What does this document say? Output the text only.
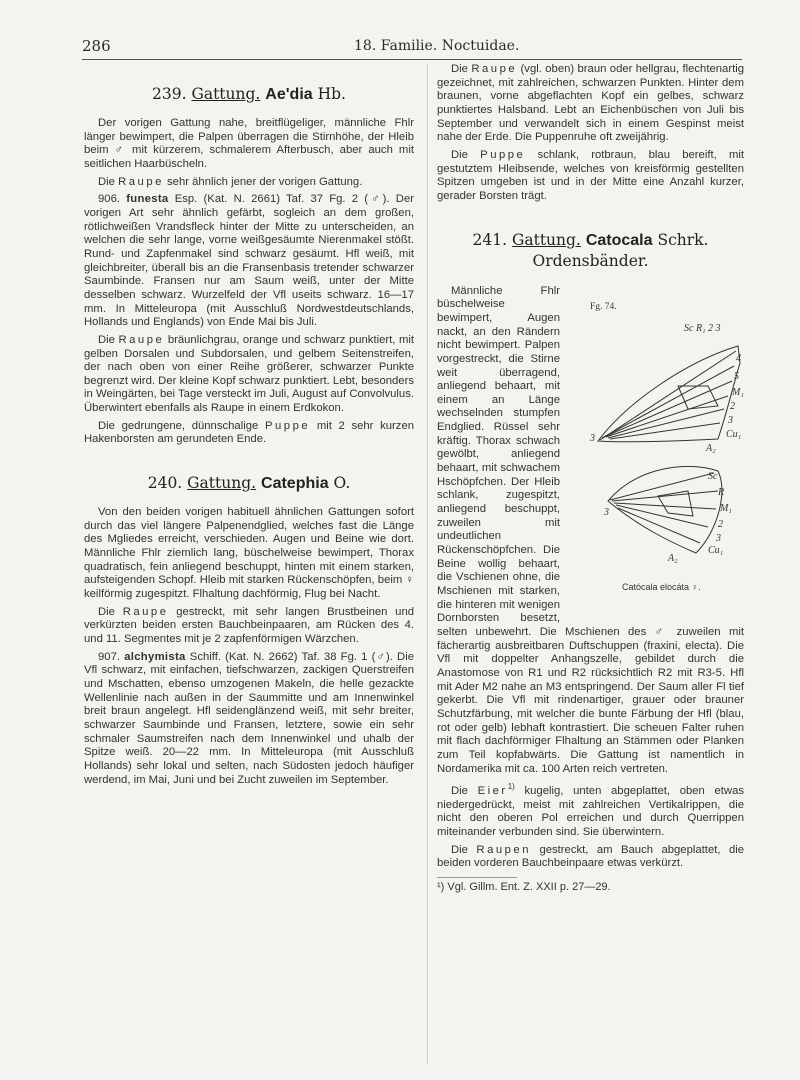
286	18. Familie. Noctuidae.
239. Gattung. Ae'dia Hb.

Der vorigen Gattung nahe, breitflügeliger, männliche Fhlr länger bewimpert, die Palpen überragen die Stirnhöhe, der Hleib beim ♂ mit kürzerem, schmalerem Afterbusch, aber auch mit seitlichen Haarbüscheln.

Die Raupe sehr ähnlich jener der vorigen Gattung.

906. funesta Esp. (Kat. N. 2661) Taf. 37 Fg. 2 (♂). Der vorigen Art sehr ähnlich gefärbt, sogleich an dem großen, rötlichweißen Vrandsfleck hinter der Mitte zu unterscheiden, an welchen die sehr lange, vorne weißgesäumte Nierenmakel stößt. Rund- und Zapfenmakel sind schwarz gesäumt. Hfl weiß, mit gleichbreiter, überall bis an die Fransenbasis tretender schwarzer Saumbinde. Fransen nur am Saum weiß, unter der Mitte desselben schwarz. Wurzelfeld der Vfl useits schwarz. 16—17 mm. In Mitteleuropa (mit Ausschluß Nordwestdeutschlands, Hollands und Englands) von Ende Mai bis Juli.

Die Raupe bräunlichgrau, orange und schwarz punktiert, mit gelben Dorsalen und Subdorsalen, und gelbem Seitenstreifen, der nach oben von einer Reihe größerer, schwarzer Punkte begrenzt wird. Der kleine Kopf schwarz punktiert. Lebt, besonders in Weingärten, bei Tage versteckt im Juli, August auf Convolvulus. Überwintert ebenfalls als Raupe in einem Erdkokon.

Die gedrungene, dünnschalige Puppe mit 2 sehr kurzen Hakenborsten am gerundeten Ende.

240. Gattung. Catephia O.

Von den beiden vorigen habituell ähnlichen Gattungen sofort durch das viel längere Palpenendglied, welches fast die Länge des Mgliedes erreicht, verschieden. Augen und Beine wie dort. Männliche Fhlr ziemlich lang, büschelweise bewimpert, Thorax quadratisch, fein anliegend beschuppt, hinten mit einem starken, aufsteigenden Schopf. Hleib mit starken Rückenschöpfen, beim ♀ keilförmig zugespitzt. Flhaltung dachförmig, Flug bei Nacht.

Die Raupe gestreckt, mit sehr langen Brustbeinen und verkürzten beiden ersten Bauchbeinpaaren, am Rücken des 4. und 11. Segmentes mit je 2 zapfenförmigen Wärzchen.

907. alchymista Schiff. (Kat. N. 2662) Taf. 38 Fg. 1 (♂). Die Vfl schwarz, mit einfachen, tiefschwarzen, zackigen Querstreifen und Mschatten, ebenso umzogenen Makeln, die helle gezackte Wellenlinie nach außen in der Saummitte und am Innenwinkel breit braun angelegt. Hfl seidenglänzend weiß, mit sehr breiter, schwarzer Saumbinde und Fransen, letztere, sowie ein sehr schmaler Saumstreifen nach dem Innenwinkel und uhalb der Spitze weiß. 20—22 mm. In Mitteleuropa (mit Ausschluß Hollands) sehr lokal und selten, nach Südosten jedoch häufiger werdend, im Mai, Juni und bei Zucht zuweilen im September.

Die Raupe (vgl. oben) braun oder hellgrau, flechtenartig gezeichnet, mit zahlreichen, schwarzen Punkten. Hinter dem braunen, vorne abgeflachten Kopf ein gelbes, schwarz punktiertes Halsband. Lebt an Eichenbüschen von Juli bis September und verwandelt sich in einem Gespinst meist nahe der Erde. Die Puppenruhe oft zweijährig.

Die Puppe schlank, rotbraun, blau bereift, mit gestutztem Hleibsende, welches von kreisförmig gestellten Spitzen umgeben ist und in der Mitte eine Anzahl kurzer, gerader Borsten trägt.

241. Gattung. Catocala Schrk.
Ordensbänder.

Fg. 74.
Sc R₁ 2 3
4
5
M₁
2
3
Cu₁
3
A₂
Sc
R
M₁
2
3
Cu₁
3
A₂
Catócala elocáta ♀.
Männliche Fhlr büschelweise bewimpert, Augen nackt, an den Rändern nicht bewimpert. Palpen vorgestreckt, die Stirne weit überragend, anliegend behaart, mit einem an Länge wechselnden stumpfen Endglied. Rüssel sehr kräftig. Thorax schwach gewölbt, anliegend behaart, mit schwachem Hschöpfchen. Der Hleib schlank, zugespitzt, anliegend beschuppt, zuweilen mit undeutlichen Rückenschöpfchen. Die Beine wollig behaart, die Vschienen ohne, die Mschienen mit starken, die hinteren mit wenigen Dornborsten besetzt, selten unbewehrt. Die Mschienen des ♂ zuweilen mit fächerartig ausbreitbaren Duftschuppen (fraxini, electa). Die Vfl mit doppelter Anhangszelle, gebildet durch die Anastomose von R1 und R2 rücksichtlich R2 mit R3-5. Hfl mit Ader M2 nahe an M3 entspringend. Der Saum aller Fl tief gekerbt. Die Vfl mit rindenartiger, grauer oder brauner Schutzfärbung, mit welcher die bunte Färbung der Hfl (blau, rot oder gelb) lebhaft kontrastiert. Die scheuen Falter ruhen mit flach dachförmiger Flhaltung an Stämmen oder Planken zum Teil kopfabwärts. Die Gattung ist namentlich in Nordamerika mit ca. 100 Arten reich vertreten.

Die Eier$^{1)}$ kugelig, unten abgeplattet, oben etwas niedergedrückt, meist mit zahlreichen Vertikalrippen, die nicht den oberen Pol erreichen und durch Querrippen miteinander verbunden sind. Sie überwintern.

Die Raupen gestreckt, am Bauch abgeplattet, die beiden vorderen Bauchbeinpaare etwas verkürzt.

¹) Vgl. Gillm. Ent. Z. XXII p. 27—29.
